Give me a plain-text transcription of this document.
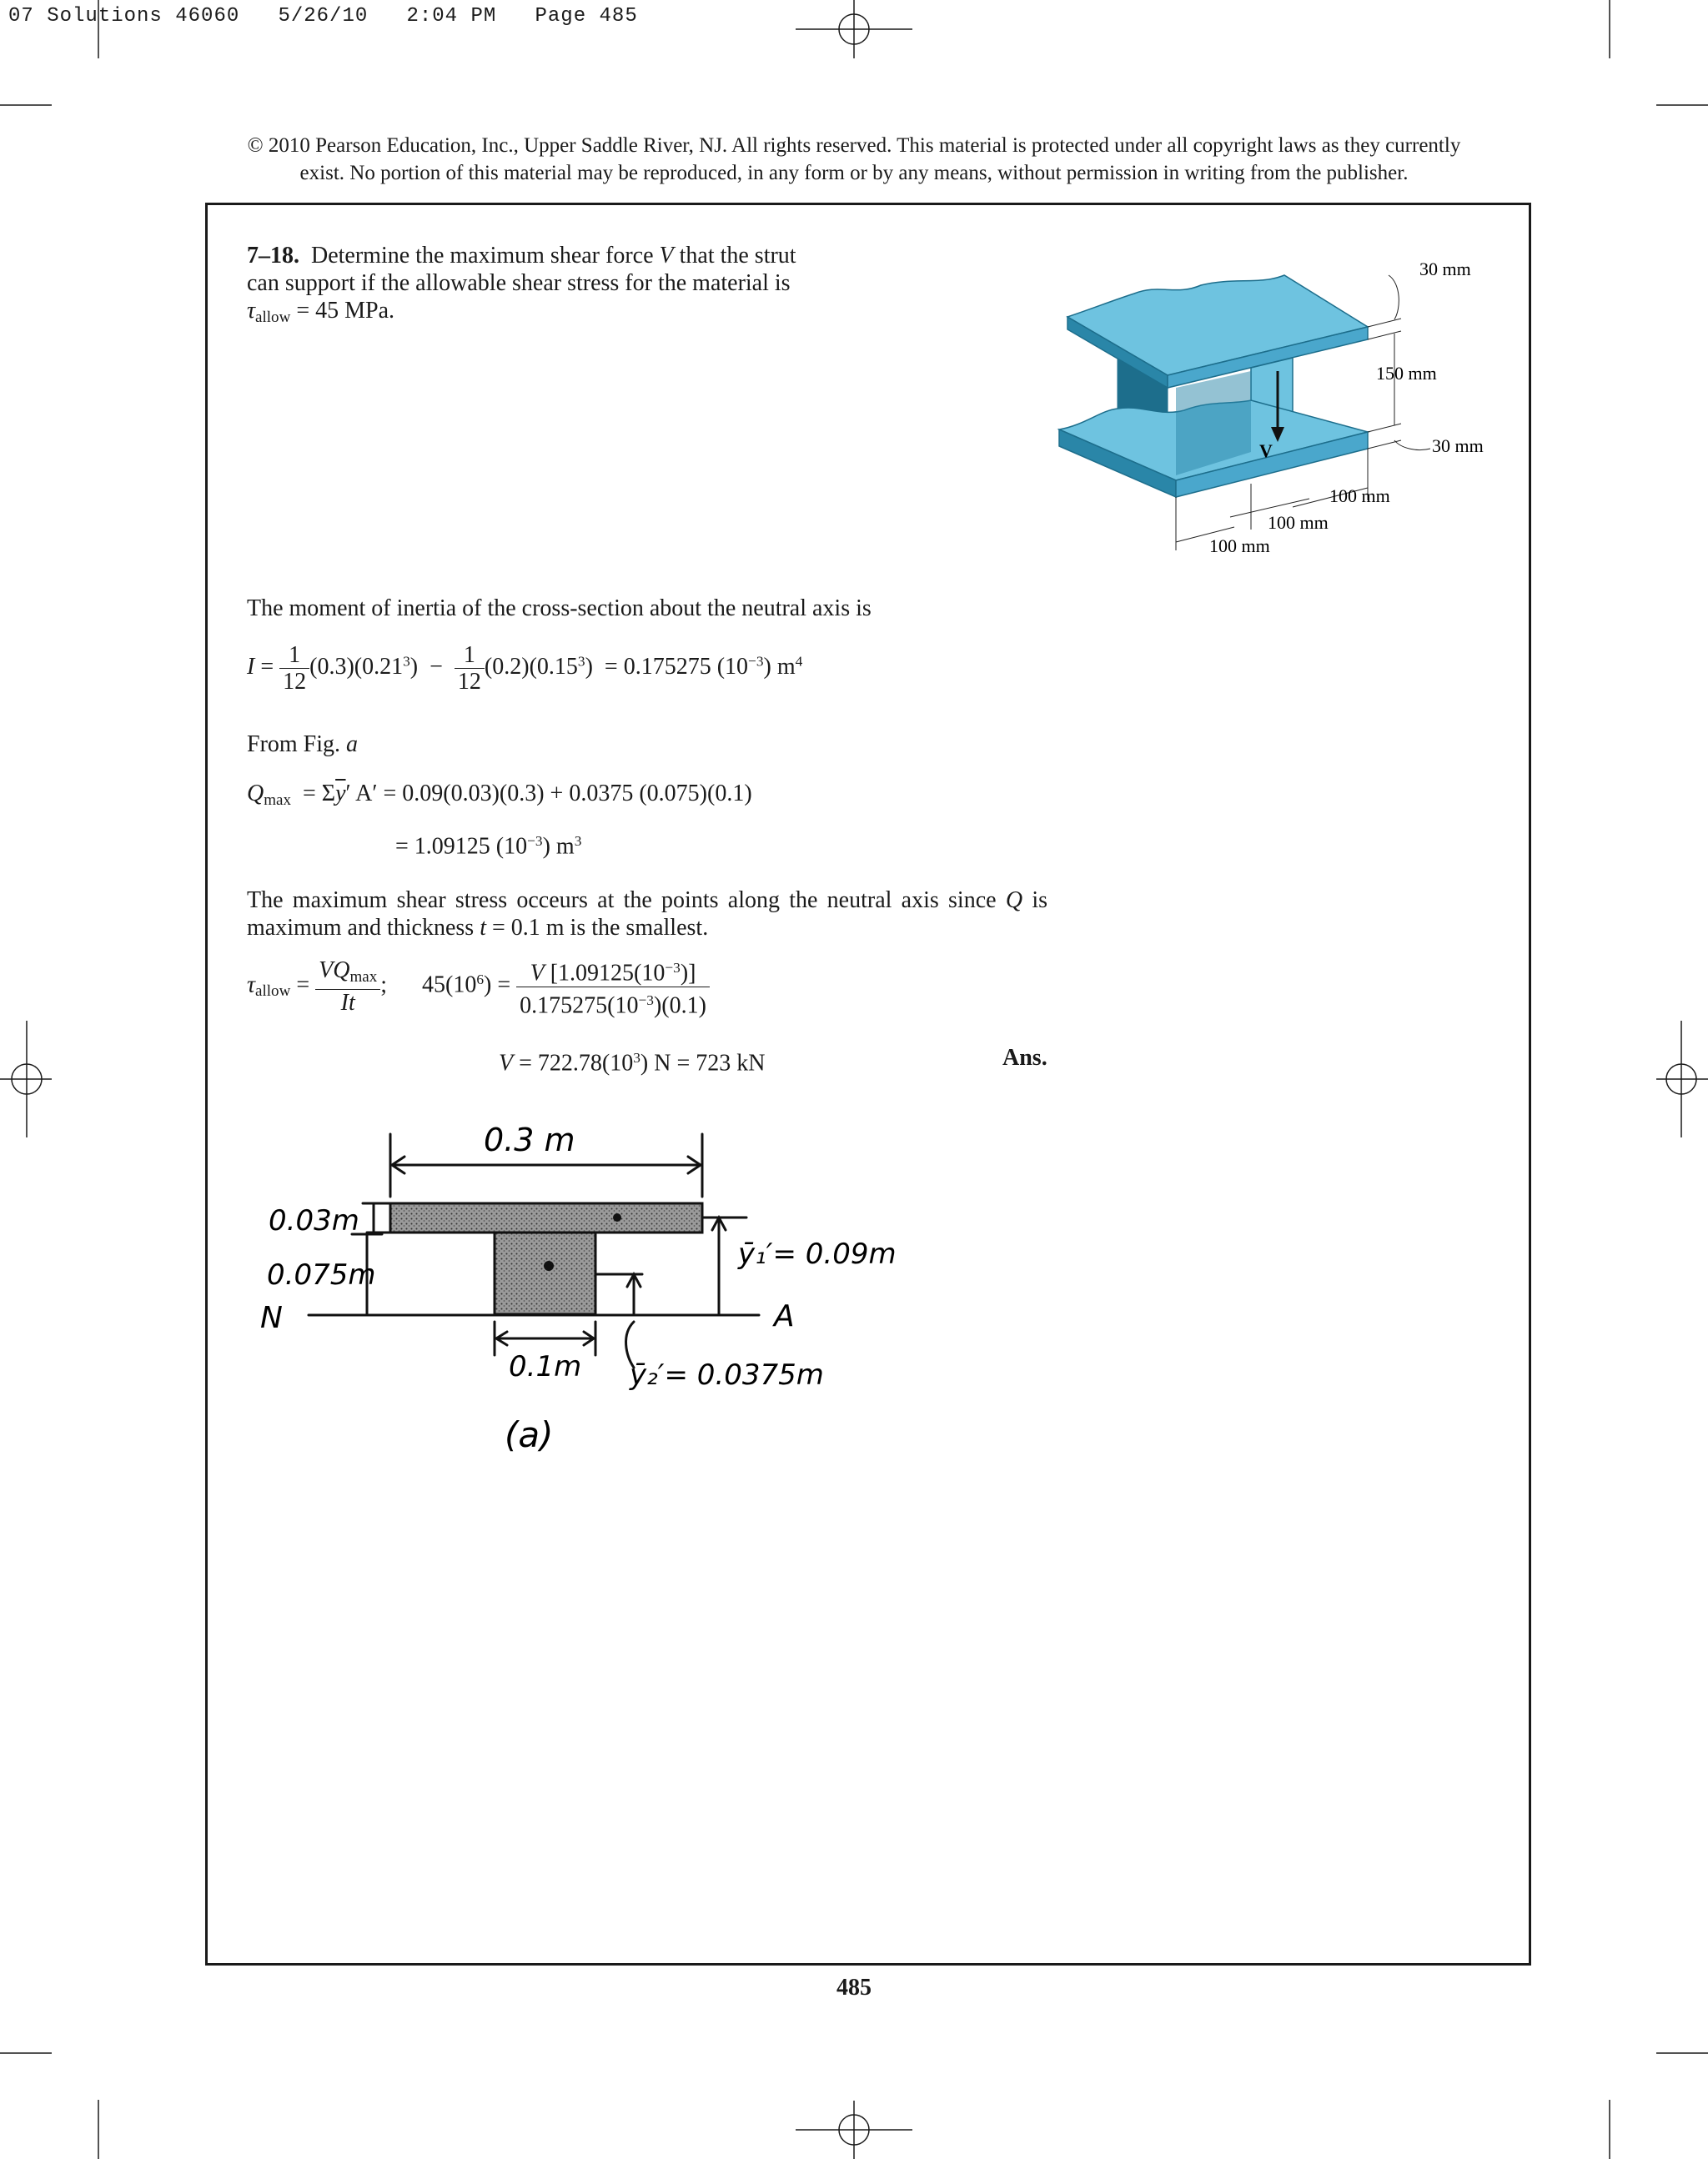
07 Solutions 46060   5/26/10   2:04 PM   Page 485
© 2010 Pearson Education, Inc., Upper Saddle River, NJ. All rights reserved. This material is protected under all copyright laws as they currently
exist. No portion of this material may be reproduced, in any form or by any means, without permission in writing from the publisher.
7–18. Determine the maximum shear force V that the strut
can support if the allowable shear stress for the material is
$\tau_{allow} = 45$ MPa.
V
30 mm
150 mm
30 mm
100 mm
100 mm
100 mm
The moment of inertia of the cross-section about the neutral axis is
$I = \frac{1}{12} (0.3)(0.21^3) - \frac{1}{12} (0.2)(0.15^3) = 0.175275$ $(10^{-3})$ $m^4$
From Fig. a
$Q_{max} = \Sigma\overline{y}'$ A′ = 0.09(0.03)(0.3) + 0.0375 (0.075)(0.1)
= 1.09125 $(10^{-3})$ $m^3$
The maximum shear stress occeurs at the points along the neutral axis since Q is
maximum and thickness t = 0.1 m is the smallest.
$\tau_{allow} = \frac{VQ_{max}}{It}$ ; $45(10^6) = \frac{V [1.09125(10^{-3})]}{0.175275(10^{-3})(0.1)}$
$V = 722.78(10^3) N = 723$ kN	Ans.
0.3 m
0.03m
0.075m
N	A
0.1m
ȳ₁′= 0.09m
ȳ₂′= 0.0375m
(a)
485
